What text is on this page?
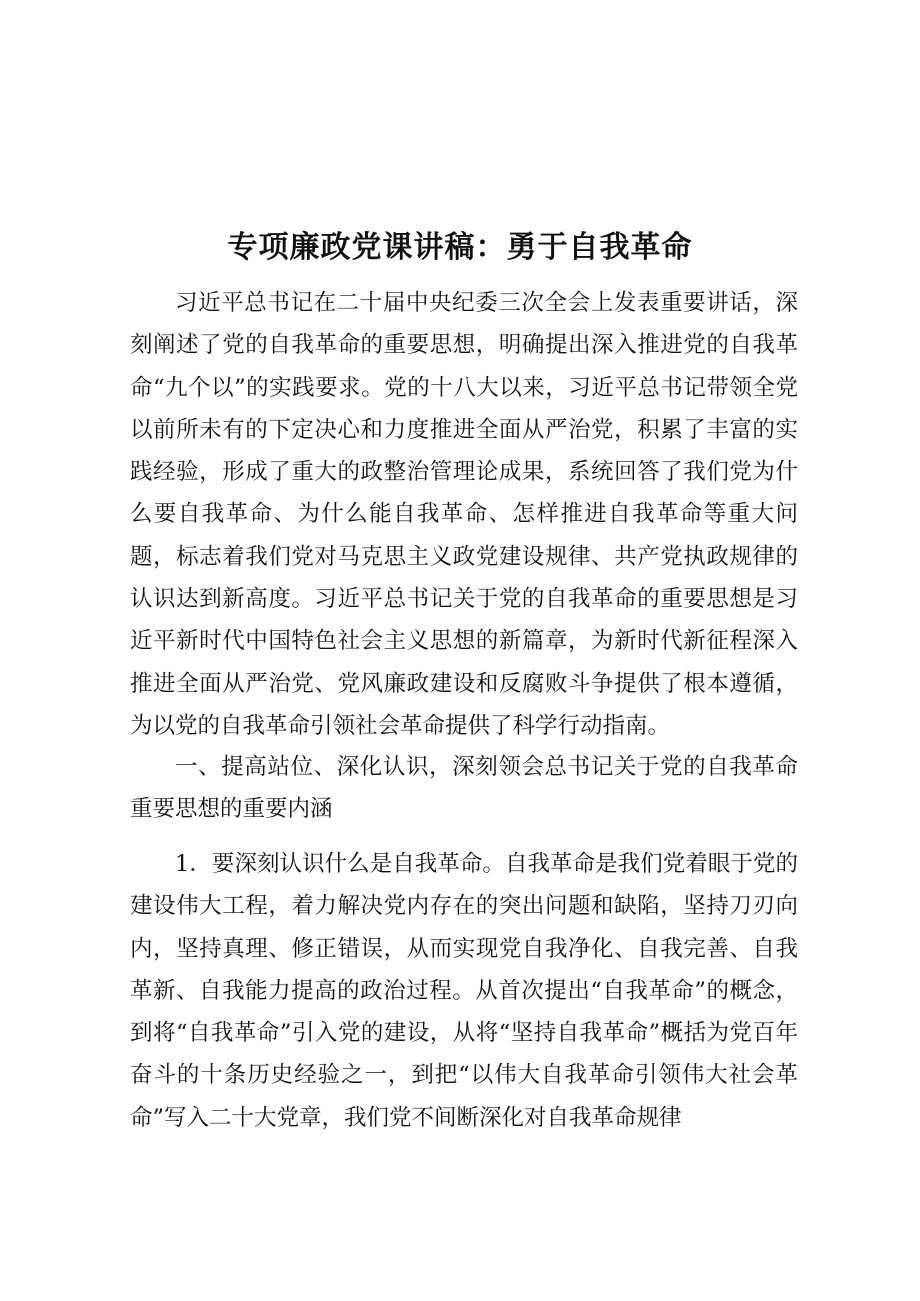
专项廉政党课讲稿：勇于自我革命

习近平总书记在二十届中央纪委三次全会上发表重要讲话，深刻阐述了党的自我革命的重要思想，明确提出深入推进党的自我革命“九个以”的实践要求。党的十八大以来，习近平总书记带领全党以前所未有的下定决心和力度推进全面从严治党，积累了丰富的实践经验，形成了重大的政整治管理论成果，系统回答了我们党为什么要自我革命、为什么能自我革命、怎样推进自我革命等重大问题，标志着我们党对马克思主义政党建设规律、共产党执政规律的认识达到新高度。习近平总书记关于党的自我革命的重要思想是习近平新时代中国特色社会主义思想的新篇章，为新时代新征程深入推进全面从严治党、党风廉政建设和反腐败斗争提供了根本遵循，为以党的自我革命引领社会革命提供了科学行动指南。

一、提高站位、深化认识，深刻领会总书记关于党的自我革命重要思想的重要内涵

1．要深刻认识什么是自我革命。自我革命是我们党着眼于党的建设伟大工程，着力解决党内存在的突出问题和缺陷，坚持刀刃向内，坚持真理、修正错误，从而实现党自我净化、自我完善、自我革新、自我能力提高的政治过程。从首次提出“自我革命”的概念，到将“自我革命”引入党的建设，从将“坚持自我革命”概括为党百年奋斗的十条历史经验之一，到把“以伟大自我革命引领伟大社会革命”写入二十大党章，我们党不间断深化对自我革命规律
